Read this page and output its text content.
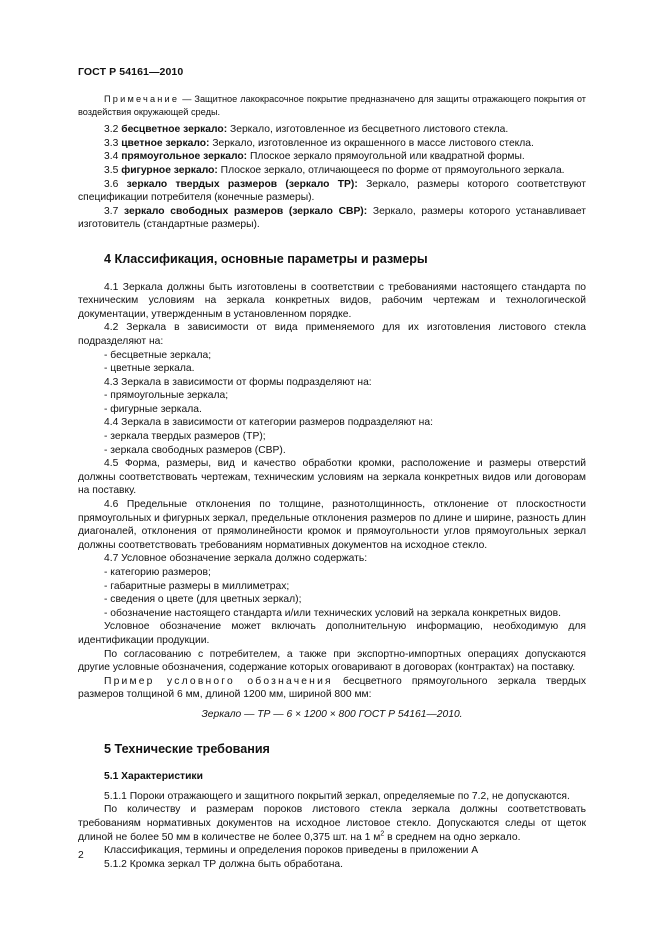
ГОСТ Р 54161—2010

Примечание — Защитное лакокрасочное покрытие предназначено для защиты отражающего покрытия от воздействия окружающей среды.

3.2 бесцветное зеркало: Зеркало, изготовленное из бесцветного листового стекла.

3.3 цветное зеркало: Зеркало, изготовленное из окрашенного в массе листового стекла.

3.4 прямоугольное зеркало: Плоское зеркало прямоугольной или квадратной формы.

3.5 фигурное зеркало: Плоское зеркало, отличающееся по форме от прямоугольного зеркала.

3.6 зеркало твердых размеров (зеркало ТР): Зеркало, размеры которого соответствуют спецификации потребителя (конечные размеры).

3.7 зеркало свободных размеров (зеркало СВР): Зеркало, размеры которого устанавливает изготовитель (стандартные размеры).

4 Классификация, основные параметры и размеры

4.1 Зеркала должны быть изготовлены в соответствии с требованиями настоящего стандарта по техническим условиям на зеркала конкретных видов, рабочим чертежам и технологической документации, утвержденным в установленном порядке.

4.2 Зеркала в зависимости от вида применяемого для их изготовления листового стекла подразделяют на:

- бесцветные зеркала;

- цветные зеркала.

4.3 Зеркала в зависимости от формы подразделяют на:

- прямоугольные зеркала;

- фигурные зеркала.

4.4 Зеркала в зависимости от категории размеров подразделяют на:

- зеркала твердых размеров (ТР);

- зеркала свободных размеров (СВР).

4.5 Форма, размеры, вид и качество обработки кромки, расположение и размеры отверстий должны соответствовать чертежам, техническим условиям на зеркала конкретных видов или договорам на поставку.

4.6 Предельные отклонения по толщине, разнотолщинность, отклонение от плоскостности прямоугольных и фигурных зеркал, предельные отклонения размеров по длине и ширине, разность длин диагоналей, отклонения от прямолинейности кромок и прямоугольности углов прямоугольных зеркал должны соответствовать требованиям нормативных документов на исходное стекло.

4.7 Условное обозначение зеркала должно содержать:

- категорию размеров;

- габаритные размеры в миллиметрах;

- сведения о цвете (для цветных зеркал);

- обозначение настоящего стандарта и/или технических условий на зеркала конкретных видов.

Условное обозначение может включать дополнительную информацию, необходимую для идентификации продукции.

По согласованию с потребителем, а также при экспортно-импортных операциях допускаются другие условные обозначения, содержание которых оговаривают в договорах (контрактах) на поставку.

Пример условного обозначения бесцветного прямоугольного зеркала твердых размеров толщиной 6 мм, длиной 1200 мм, шириной 800 мм:

Зеркало — ТР — 6 × 1200 × 800 ГОСТ Р 54161—2010.

5 Технические требования

5.1 Характеристики

5.1.1 Пороки отражающего и защитного покрытий зеркал, определяемые по 7.2, не допускаются.

По количеству и размерам пороков листового стекла зеркала должны соответствовать требованиям нормативных документов на исходное листовое стекло. Допускаются следы от щеток длиной не более 50 мм в количестве не более 0,375 шт. на 1 $м^2$ в среднем на одно зеркало.

Классификация, термины и определения пороков приведены в приложении А

5.1.2 Кромка зеркал ТР должна быть обработана.

2
